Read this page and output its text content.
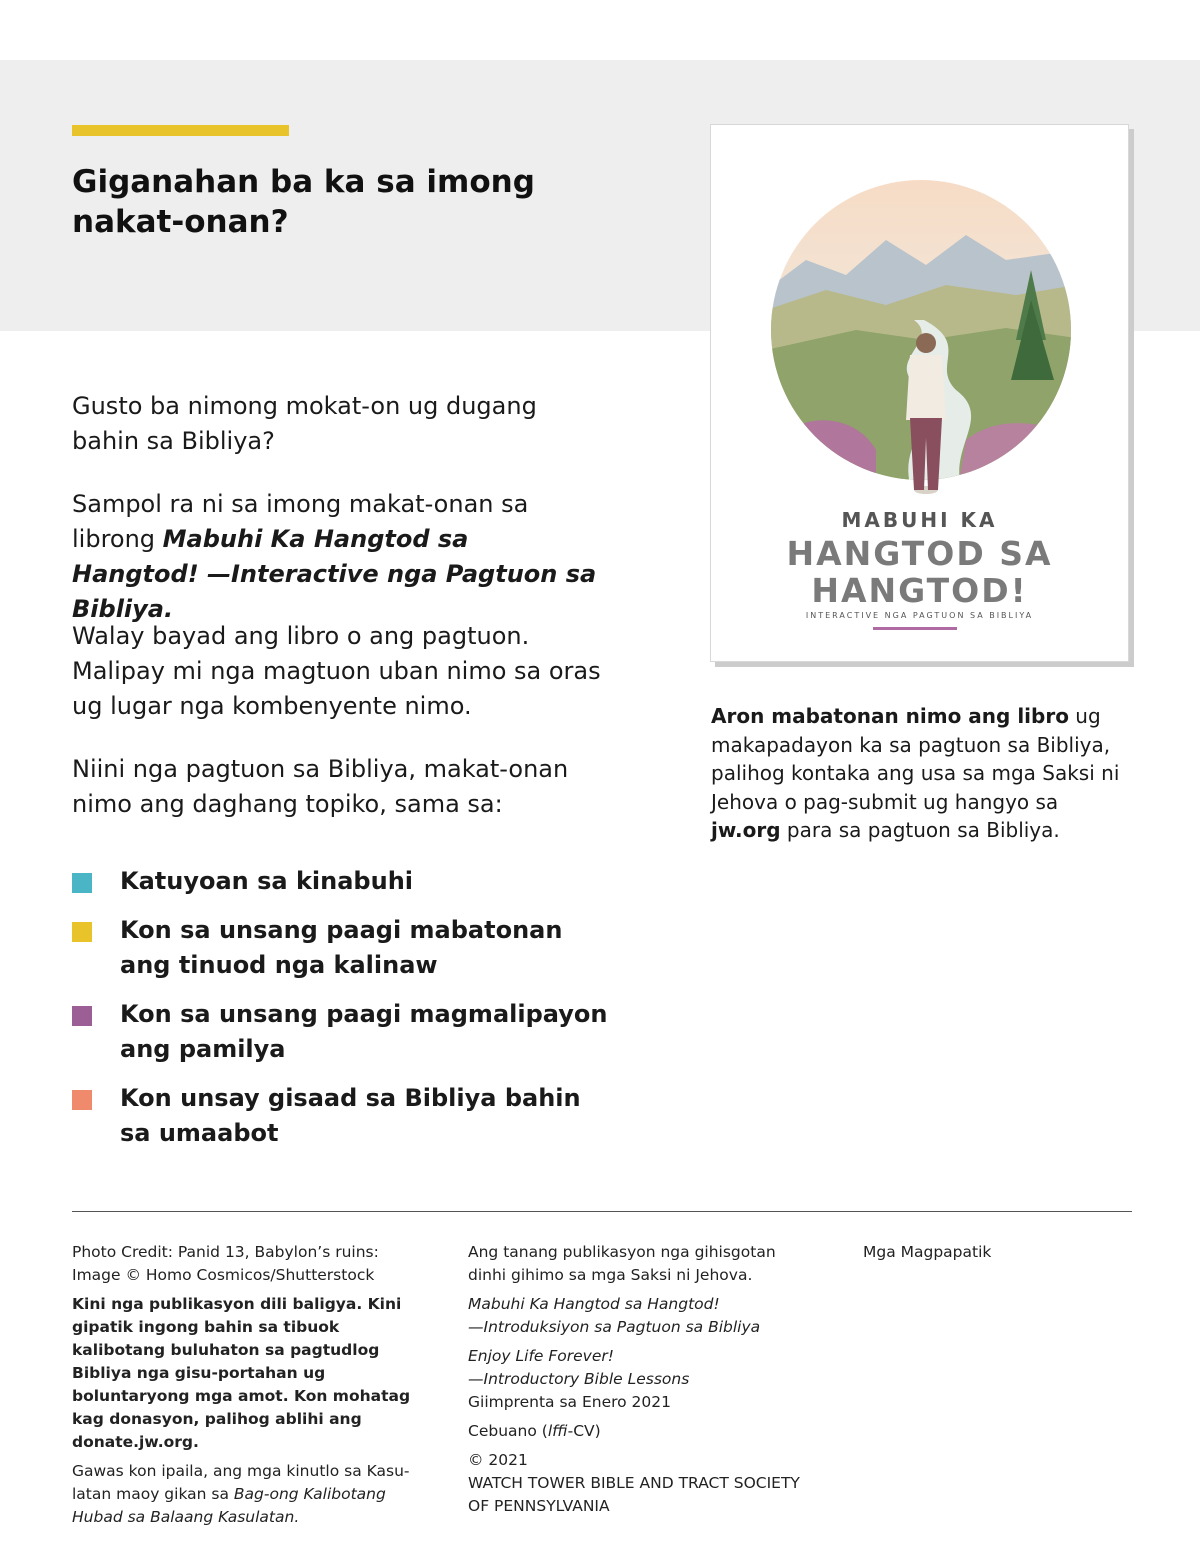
Giganahan ba ka sa imong
nakat-onan?

Gusto ba nimong mokat-on ug dugang bahin sa Bibliya?

Sampol ra ni sa imong makat-onan sa librong Mabuhi Ka Hangtod sa Hangtod! —Interactive nga Pagtuon sa Bibliya.

Walay bayad ang libro o ang pagtuon. Malipay mi nga magtuon uban nimo sa oras ug lugar nga kombenyente nimo.

Niini nga pagtuon sa Bibliya, makat-onan nimo ang daghang topiko, sama sa:

Katuyoan sa kinabuhi
Kon sa unsang paagi mabatonan ang tinuod nga kalinaw
Kon sa unsang paagi magmalipayon ang pamilya
Kon unsay gisaad sa Bibliya bahin sa umaabot
MABUHI KA
HANGTOD SA
HANGTOD!
INTERACTIVE NGA PAGTUON SA BIBLIYA

Aron mabatonan nimo ang libro ug makapadayon ka sa pagtuon sa Bibliya, palihog kontaka ang usa sa mga Saksi ni Jehova o pag-submit ug hangyo sa jw.org para sa pagtuon sa Bibliya.

Photo Credit: Panid 13, Babylon’s ruins: Image © Homo Cosmicos/Shutterstock

Kini nga publikasyon dili baligya. Kini gipatik ingong bahin sa tibuok kalibotang buluhaton sa pagtudlog Bibliya nga gisu-portahan ug boluntaryong mga amot. Kon mohatag kag donasyon, palihog ablihi ang donate.jw.org.

Gawas kon ipaila, ang mga kinutlo sa Kasu-latan maoy gikan sa Bag-ong Kalibotang Hubad sa Balaang Kasulatan.

Ang tanang publikasyon nga gihisgotan dinhi gihimo sa mga Saksi ni Jehova.

Mabuhi Ka Hangtod sa Hangtod!
—Introduksiyon sa Pagtuon sa Bibliya

Enjoy Life Forever!
—Introductory Bible Lessons
Giimprenta sa Enero 2021

Cebuano (lffi-CV)

© 2021
WATCH TOWER BIBLE AND TRACT SOCIETY
OF PENNSYLVANIA

Mga Magpapatik
